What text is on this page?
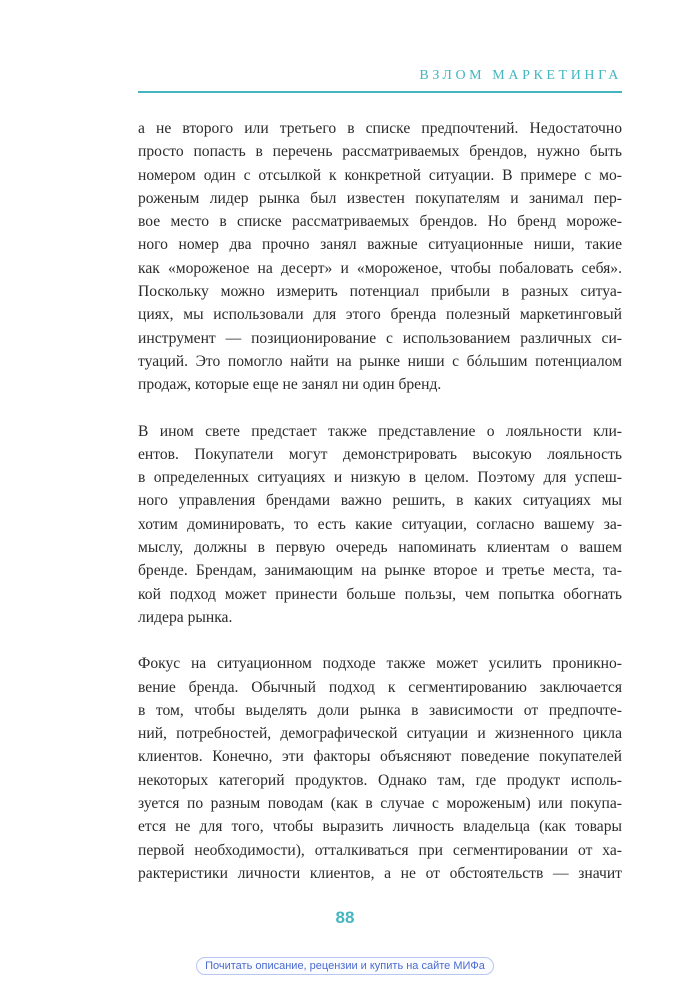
ВЗЛОМ МАРКЕТИНГА
а не второго или третьего в списке предпочтений. Недостаточно
просто попасть в перечень рассматриваемых брендов, нужно быть
номером один с отсылкой к конкретной ситуации. В примере с мо-
роженым лидер рынка был известен покупателям и занимал пер-
вое место в списке рассматриваемых брендов. Но бренд мороже-
ного номер два прочно занял важные ситуационные ниши, такие
как «мороженое на десерт» и «мороженое, чтобы побаловать себя».
Поскольку можно измерить потенциал прибыли в разных ситуа-
циях, мы использовали для этого бренда полезный маркетинговый
инструмент — позиционирование с использованием различных си-
туаций. Это помогло найти на рынке ниши с бóльшим потенциалом
продаж, которые еще не занял ни один бренд.
В ином свете предстает также представление о лояльности кли-
ентов. Покупатели могут демонстрировать высокую лояльность
в определенных ситуациях и низкую в целом. Поэтому для успеш-
ного управления брендами важно решить, в каких ситуациях мы
хотим доминировать, то есть какие ситуации, согласно вашему за-
мыслу, должны в первую очередь напоминать клиентам о вашем
бренде. Брендам, занимающим на рынке второе и третье места, та-
кой подход может принести больше пользы, чем попытка обогнать
лидера рынка.
Фокус на ситуационном подходе также может усилить проникно-
вение бренда. Обычный подход к сегментированию заключается
в том, чтобы выделять доли рынка в зависимости от предпочте-
ний, потребностей, демографической ситуации и жизненного цикла
клиентов. Конечно, эти факторы объясняют поведение покупателей
некоторых категорий продуктов. Однако там, где продукт исполь-
зуется по разным поводам (как в случае с мороженым) или покупа-
ется не для того, чтобы выразить личность владельца (как товары
первой необходимости), отталкиваться при сегментировании от ха-
рактеристики личности клиентов, а не от обстоятельств — значит
88
Почитать описание, рецензии и купить на сайте МИФа
